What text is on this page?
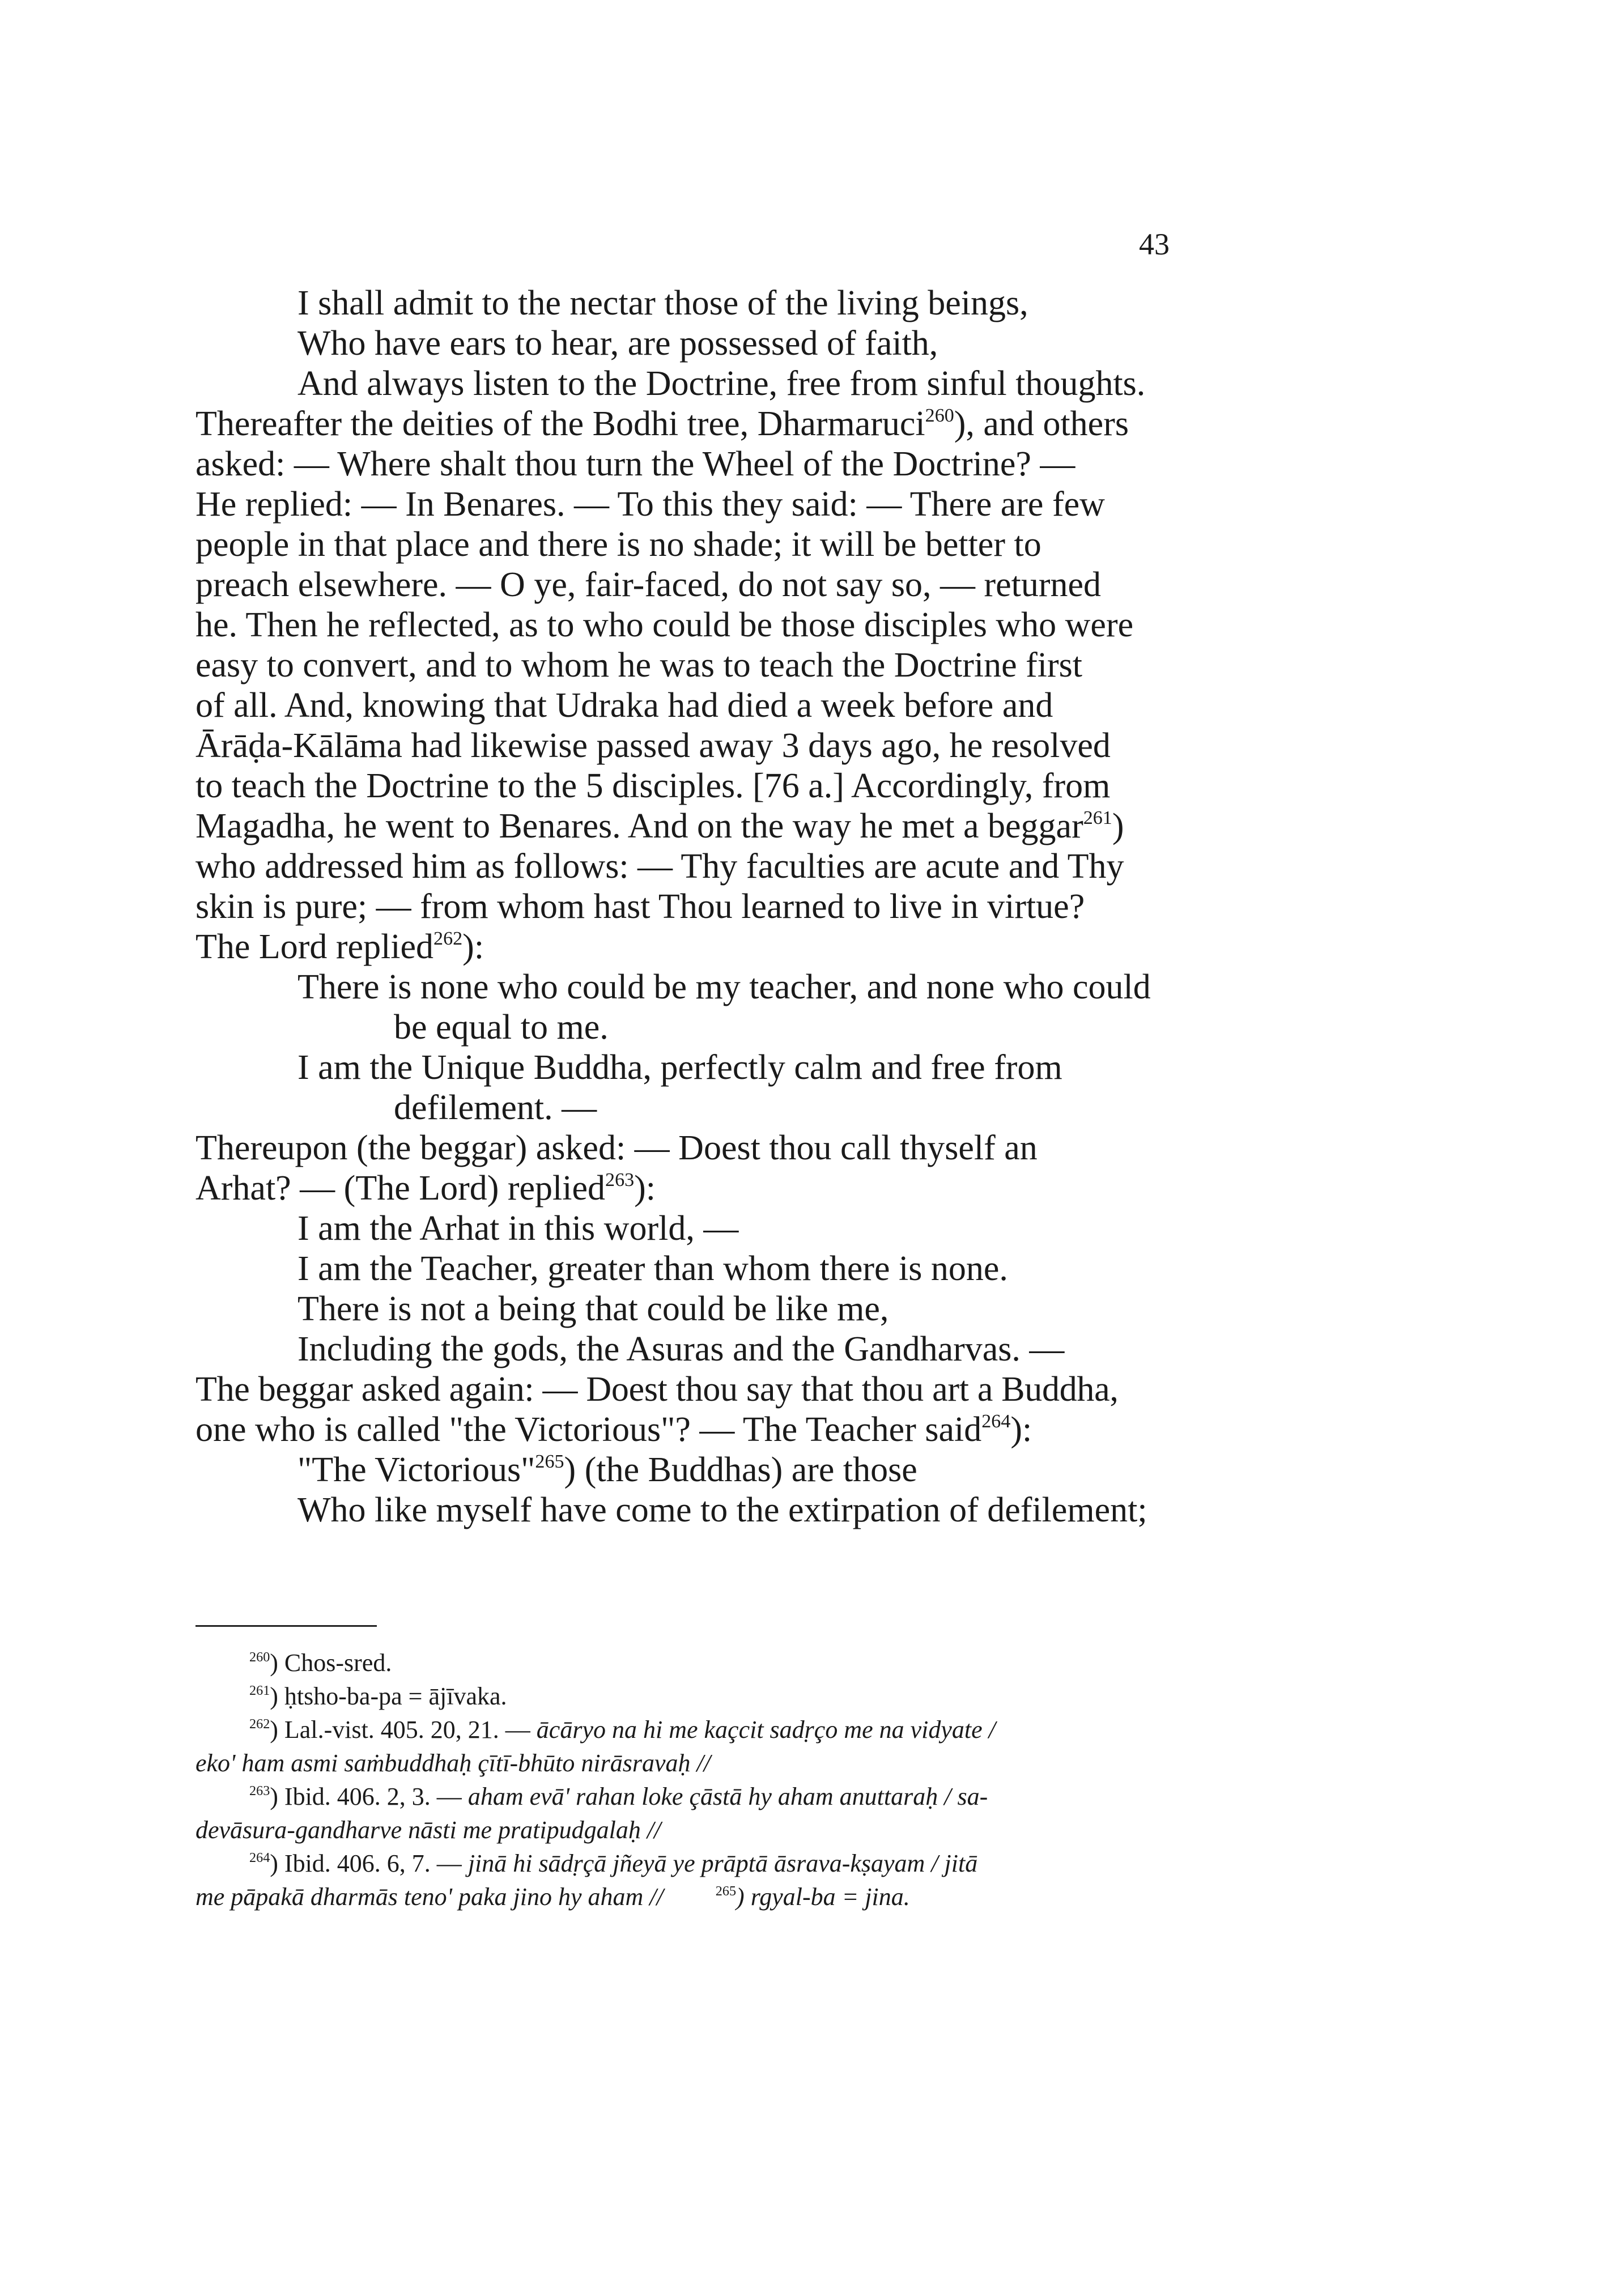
43
I shall admit to the nectar those of the living beings,
Who have ears to hear, are possessed of faith,
And always listen to the Doctrine, free from sinful thoughts.
Thereafter the deities of the Bodhi tree, Dharmaruci$^{260}$), and others
asked: — Where shalt thou turn the Wheel of the Doctrine? —
He replied: — In Benares. — To this they said: — There are few
people in that place and there is no shade; it will be better to
preach elsewhere. — O ye, fair-faced, do not say so, — returned
he. Then he reflected, as to who could be those disciples who were
easy to convert, and to whom he was to teach the Doctrine first
of all. And, knowing that Udraka had died a week before and
Ārāḍa-Kālāma had likewise passed away 3 days ago, he resolved
to teach the Doctrine to the 5 disciples. [76 a.] Accordingly, from
Magadha, he went to Benares. And on the way he met a beggar$^{261}$)
who addressed him as follows: — Thy faculties are acute and Thy
skin is pure; — from whom hast Thou learned to live in virtue?
The Lord replied$^{262}$):
There is none who could be my teacher, and none who could
be equal to me.
I am the Unique Buddha, perfectly calm and free from
defilement. —
Thereupon (the beggar) asked: — Doest thou call thyself an
Arhat? — (The Lord) replied$^{263}$):
I am the Arhat in this world, —
I am the Teacher, greater than whom there is none.
There is not a being that could be like me,
Including the gods, the Asuras and the Gandharvas. —
The beggar asked again: — Doest thou say that thou art a Buddha,
one who is called "the Victorious"? — The Teacher said$^{264}$):
"The Victorious"$^{265}$) (the Buddhas) are those
Who like myself have come to the extirpation of defilement;
$^{260}$) Chos-sred.
$^{261}$) ḥtsho-ba-pa = ājīvaka.
$^{262}$) Lal.-vist. 405. 20, 21. — ācāryo na hi me kaçcit sadṛço me na vidyate /
eko' ham asmi saṁbuddhaḥ çītī-bhūto nirāsravaḥ //
$^{263}$) Ibid. 406. 2, 3. — aham evā' rahan loke çāstā hy aham anuttaraḥ / sa-
devāsura-gandharve nāsti me pratipudgalaḥ //
$^{264}$) Ibid. 406. 6, 7. — jinā hi sādṛçā jñeyā ye prāptā āsrava-kṣayam / jitā
me pāpakā dharmās teno' paka jino hy aham //	$^{265}$) rgyal-ba = jina.
